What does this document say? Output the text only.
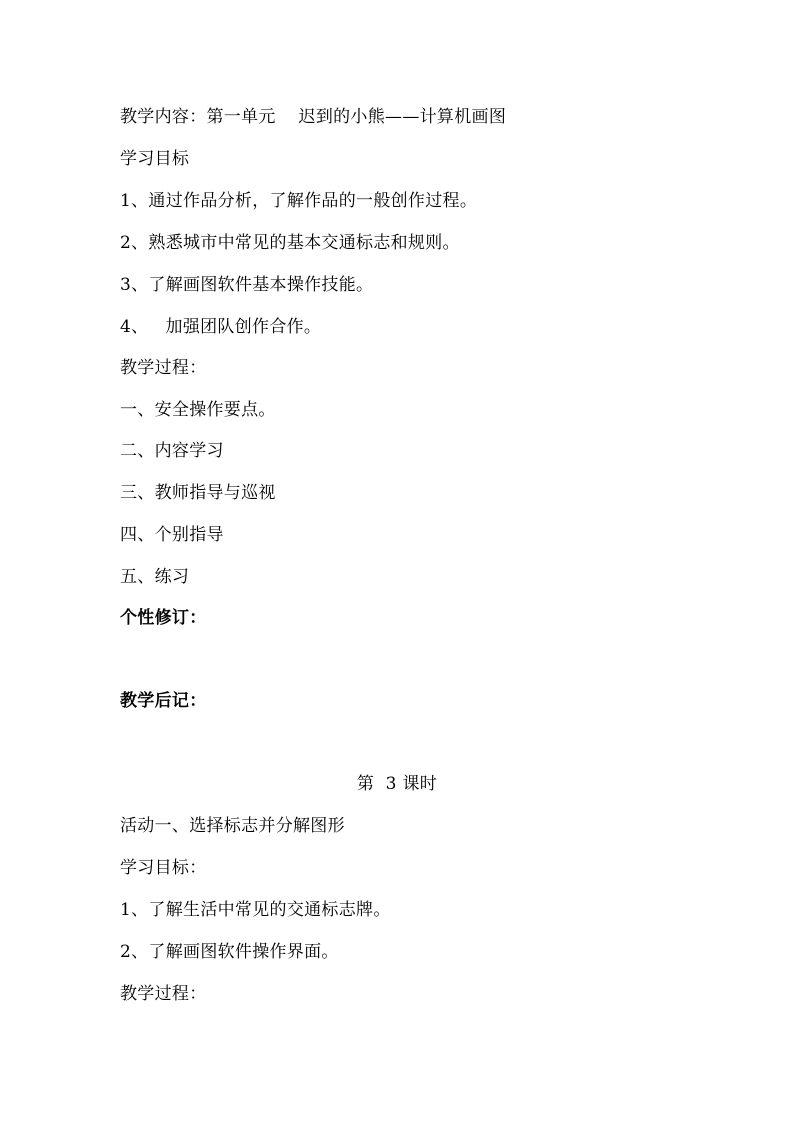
教学内容：第一单元    迟到的小熊——计算机画图
学习目标
1、通过作品分析，了解作品的一般创作过程。
2、熟悉城市中常见的基本交通标志和规则。
3、了解画图软件基本操作技能。
4、   加强团队创作合作。
教学过程：
一、安全操作要点。
二、内容学习
三、教师指导与巡视
四、个别指导
五、练习
个性修订：
教学后记：
第  3 课时
活动一、选择标志并分解图形
学习目标：
1、了解生活中常见的交通标志牌。
2、了解画图软件操作界面。
教学过程：
